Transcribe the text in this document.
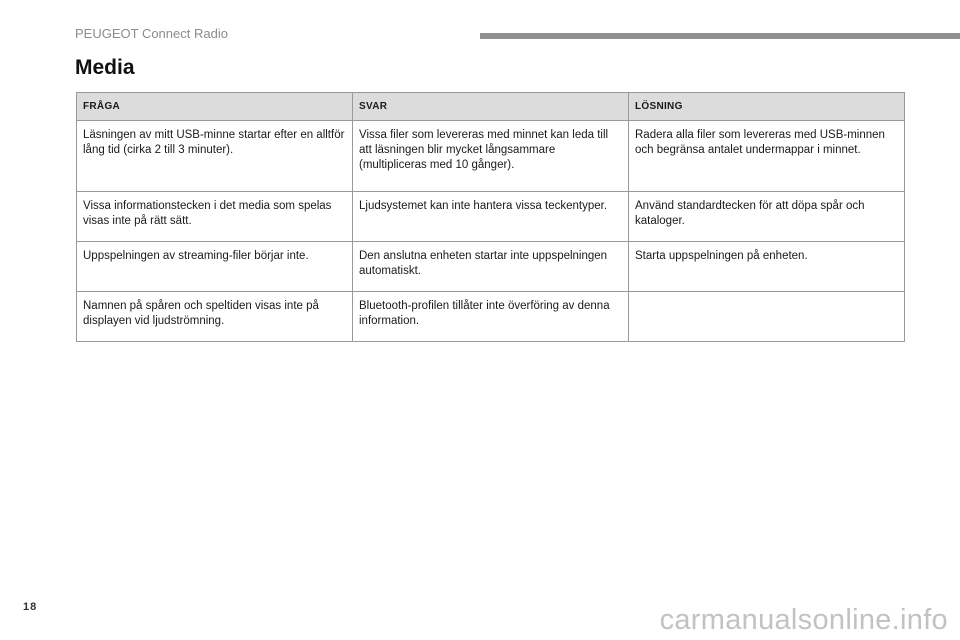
PEUGEOT Connect Radio
Media
FRÅGA	SVAR	LÖSNING
Läsningen av mitt USB-minne startar efter en alltför lång tid (cirka 2 till 3 minuter).	Vissa filer som levereras med minnet kan leda till att läsningen blir mycket långsammare (multipliceras med 10 gånger).	Radera alla filer som levereras med USB-minnen och begränsa antalet undermappar i minnet.
Vissa informationstecken i det media som spelas visas inte på rätt sätt.	Ljudsystemet kan inte hantera vissa teckentyper.	Använd standardtecken för att döpa spår och kataloger.
Uppspelningen av streaming-filer börjar inte.	Den anslutna enheten startar inte uppspelningen automatiskt.	Starta uppspelningen på enheten.
Namnen på spåren och speltiden visas inte på displayen vid ljudströmning.	Bluetooth-profilen tillåter inte överföring av denna information.	
18	carmanualsonline.info
